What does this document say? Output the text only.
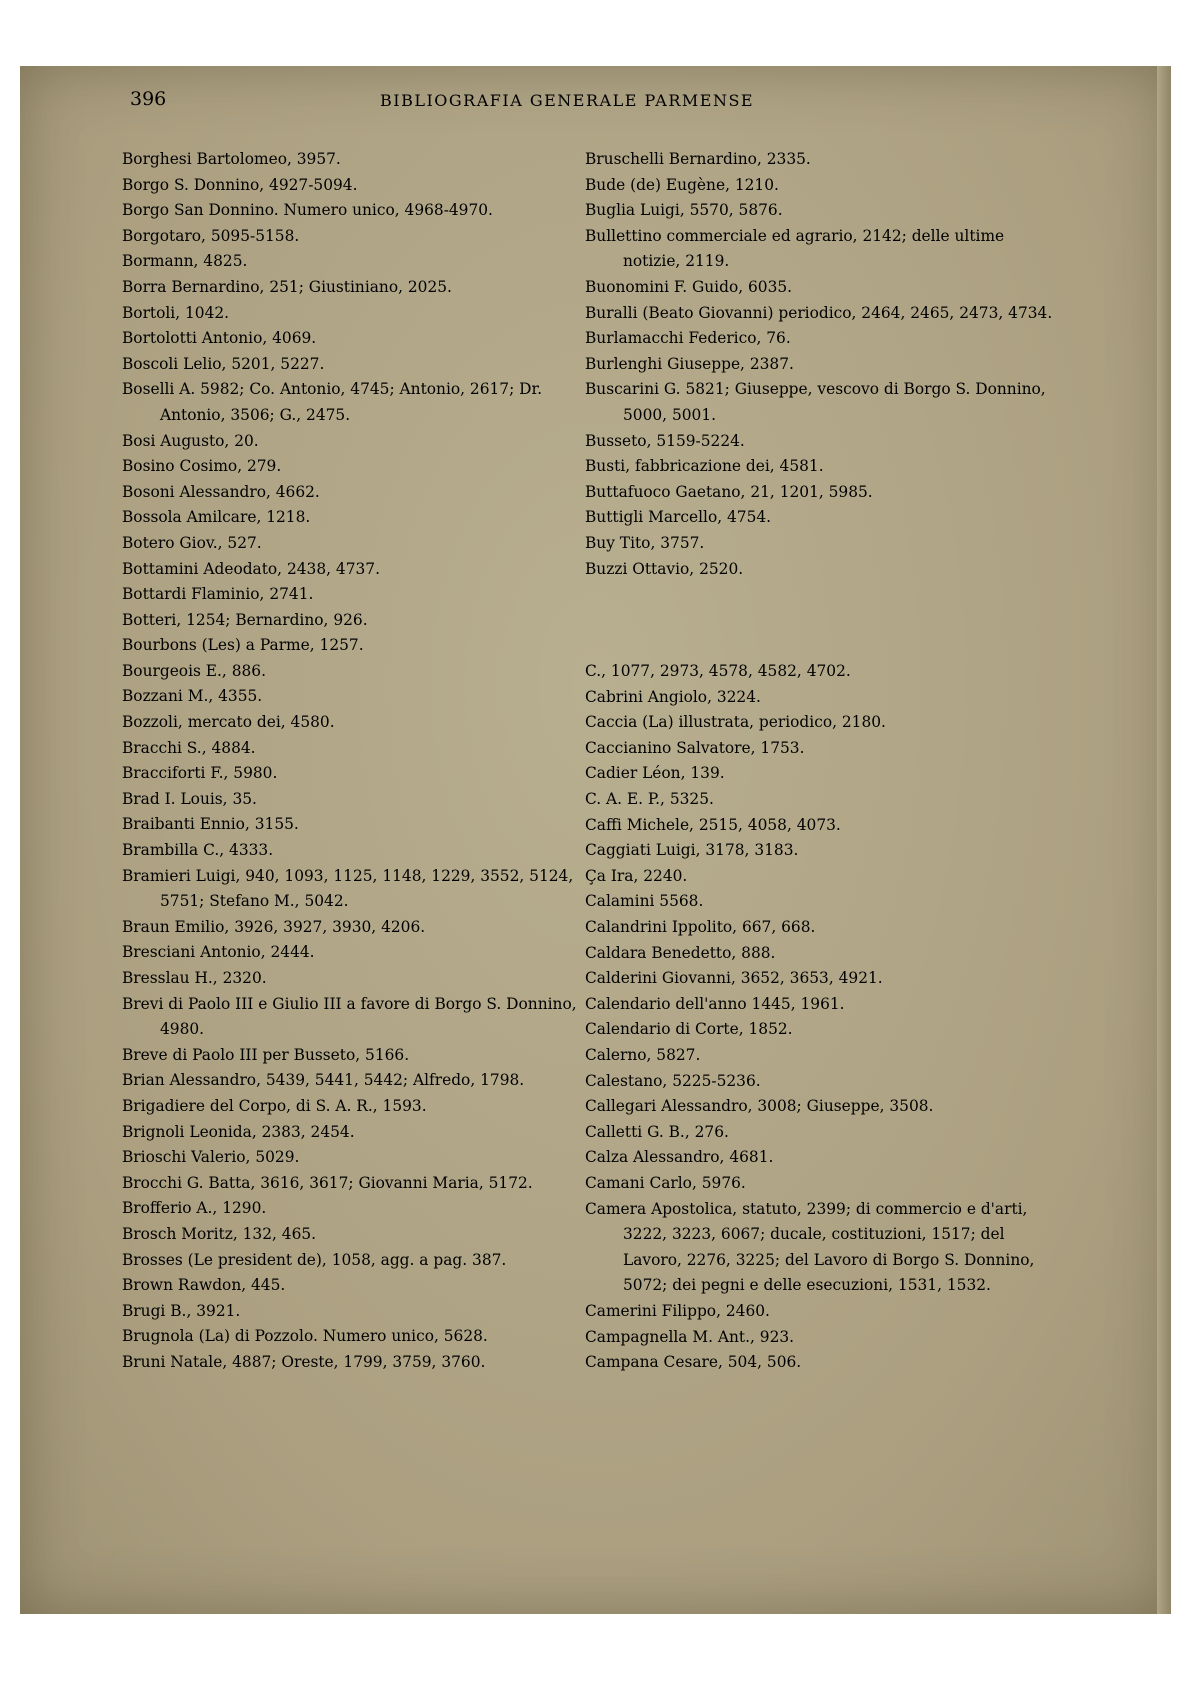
396	BIBLIOGRAFIA GENERALE PARMENSE
Borghesi Bartolomeo, 3957.
Borgo S. Donnino, 4927-5094.
Borgo San Donnino. Numero unico, 4968-4970.
Borgotaro, 5095-5158.
Bormann, 4825.
Borra Bernardino, 251; Giustiniano, 2025.
Bortoli, 1042.
Bortolotti Antonio, 4069.
Boscoli Lelio, 5201, 5227.
Boselli A. 5982; Co. Antonio, 4745; Antonio, 2617; Dr. Antonio, 3506; G., 2475.
Bosi Augusto, 20.
Bosino Cosimo, 279.
Bosoni Alessandro, 4662.
Bossola Amilcare, 1218.
Botero Giov., 527.
Bottamini Adeodato, 2438, 4737.
Bottardi Flaminio, 2741.
Botteri, 1254; Bernardino, 926.
Bourbons (Les) a Parme, 1257.
Bourgeois E., 886.
Bozzani M., 4355.
Bozzoli, mercato dei, 4580.
Bracchi S., 4884.
Bracciforti F., 5980.
Brad I. Louis, 35.
Braibanti Ennio, 3155.
Brambilla C., 4333.
Bramieri Luigi, 940, 1093, 1125, 1148, 1229, 3552, 5124, 5751; Stefano M., 5042.
Braun Emilio, 3926, 3927, 3930, 4206.
Bresciani Antonio, 2444.
Bresslau H., 2320.
Brevi di Paolo III e Giulio III a favore di Borgo S. Donnino, 4980.
Breve di Paolo III per Busseto, 5166.
Brian Alessandro, 5439, 5441, 5442; Alfredo, 1798.
Brigadiere del Corpo, di S. A. R., 1593.
Brignoli Leonida, 2383, 2454.
Brioschi Valerio, 5029.
Brocchi G. Batta, 3616, 3617; Giovanni Maria, 5172.
Brofferio A., 1290.
Brosch Moritz, 132, 465.
Brosses (Le president de), 1058, agg. a pag. 387.
Brown Rawdon, 445.
Brugi B., 3921.
Brugnola (La) di Pozzolo. Numero unico, 5628.
Bruni Natale, 4887; Oreste, 1799, 3759, 3760.
Bruschelli Bernardino, 2335.
Bude (de) Eugène, 1210.
Buglia Luigi, 5570, 5876.
Bullettino commerciale ed agrario, 2142; delle ultime notizie, 2119.
Buonomini F. Guido, 6035.
Buralli (Beato Giovanni) periodico, 2464, 2465, 2473, 4734.
Burlamacchi Federico, 76.
Burlenghi Giuseppe, 2387.
Buscarini G. 5821; Giuseppe, vescovo di Borgo S. Donnino, 5000, 5001.
Busseto, 5159-5224.
Busti, fabbricazione dei, 4581.
Buttafuoco Gaetano, 21, 1201, 5985.
Buttigli Marcello, 4754.
Buy Tito, 3757.
Buzzi Ottavio, 2520.
C., 1077, 2973, 4578, 4582, 4702.
Cabrini Angiolo, 3224.
Caccia (La) illustrata, periodico, 2180.
Caccianino Salvatore, 1753.
Cadier Léon, 139.
C. A. E. P., 5325.
Caffi Michele, 2515, 4058, 4073.
Caggiati Luigi, 3178, 3183.
Ça Ira, 2240.
Calamini 5568.
Calandrini Ippolito, 667, 668.
Caldara Benedetto, 888.
Calderini Giovanni, 3652, 3653, 4921.
Calendario dell'anno 1445, 1961.
Calendario di Corte, 1852.
Calerno, 5827.
Calestano, 5225-5236.
Callegari Alessandro, 3008; Giuseppe, 3508.
Calletti G. B., 276.
Calza Alessandro, 4681.
Camani Carlo, 5976.
Camera Apostolica, statuto, 2399; di commercio e d'arti, 3222, 3223, 6067; ducale, costituzioni, 1517; del Lavoro, 2276, 3225; del Lavoro di Borgo S. Donnino, 5072; dei pegni e delle esecuzioni, 1531, 1532.
Camerini Filippo, 2460.
Campagnella M. Ant., 923.
Campana Cesare, 504, 506.
